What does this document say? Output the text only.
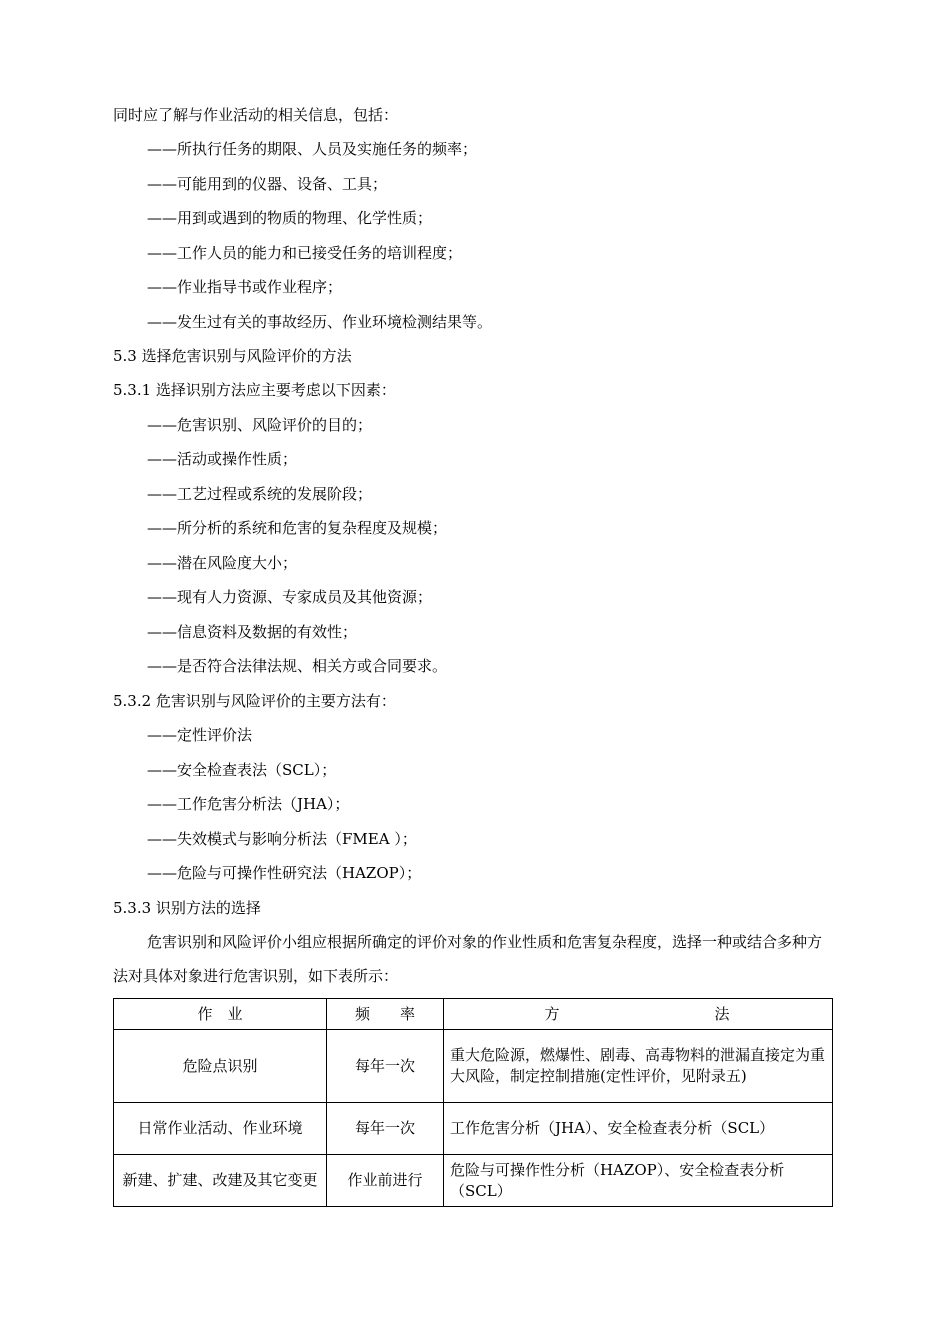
同时应了解与作业活动的相关信息，包括：
——所执行任务的期限、人员及实施任务的频率；
——可能用到的仪器、设备、工具；
——用到或遇到的物质的物理、化学性质；
——工作人员的能力和已接受任务的培训程度；
——作业指导书或作业程序；
——发生过有关的事故经历、作业环境检测结果等。
5.3 选择危害识别与风险评价的方法
5.3.1 选择识别方法应主要考虑以下因素：
——危害识别、风险评价的目的；
——活动或操作性质；
——工艺过程或系统的发展阶段；
——所分析的系统和危害的复杂程度及规模；
——潜在风险度大小；
——现有人力资源、专家成员及其他资源；
——信息资料及数据的有效性；
——是否符合法律法规、相关方或合同要求。
5.3.2 危害识别与风险评价的主要方法有：
——定性评价法
——安全检查表法（SCL）；
——工作危害分析法（JHA）；
——失效模式与影响分析法（FMEA ）；
——危险与可操作性研究法（HAZOP）；
5.3.3 识别方法的选择
危害识别和风险评价小组应根据所确定的评价对象的作业性质和危害复杂程度，选择一种或结合多种方法对具体对象进行危害识别，如下表所示：
作　业	频　　率	方　　　　　　　　　法
危险点识别	每年一次	重大危险源，燃爆性、剧毒、高毒物料的泄漏直接定为重大风险，制定控制措施(定性评价，见附录五)
日常作业活动、作业环境	每年一次	工作危害分析（JHA）、安全检查表分析（SCL）
新建、扩建、改建及其它变更	作业前进行	危险与可操作性分析（HAZOP）、安全检查表分析（SCL）
